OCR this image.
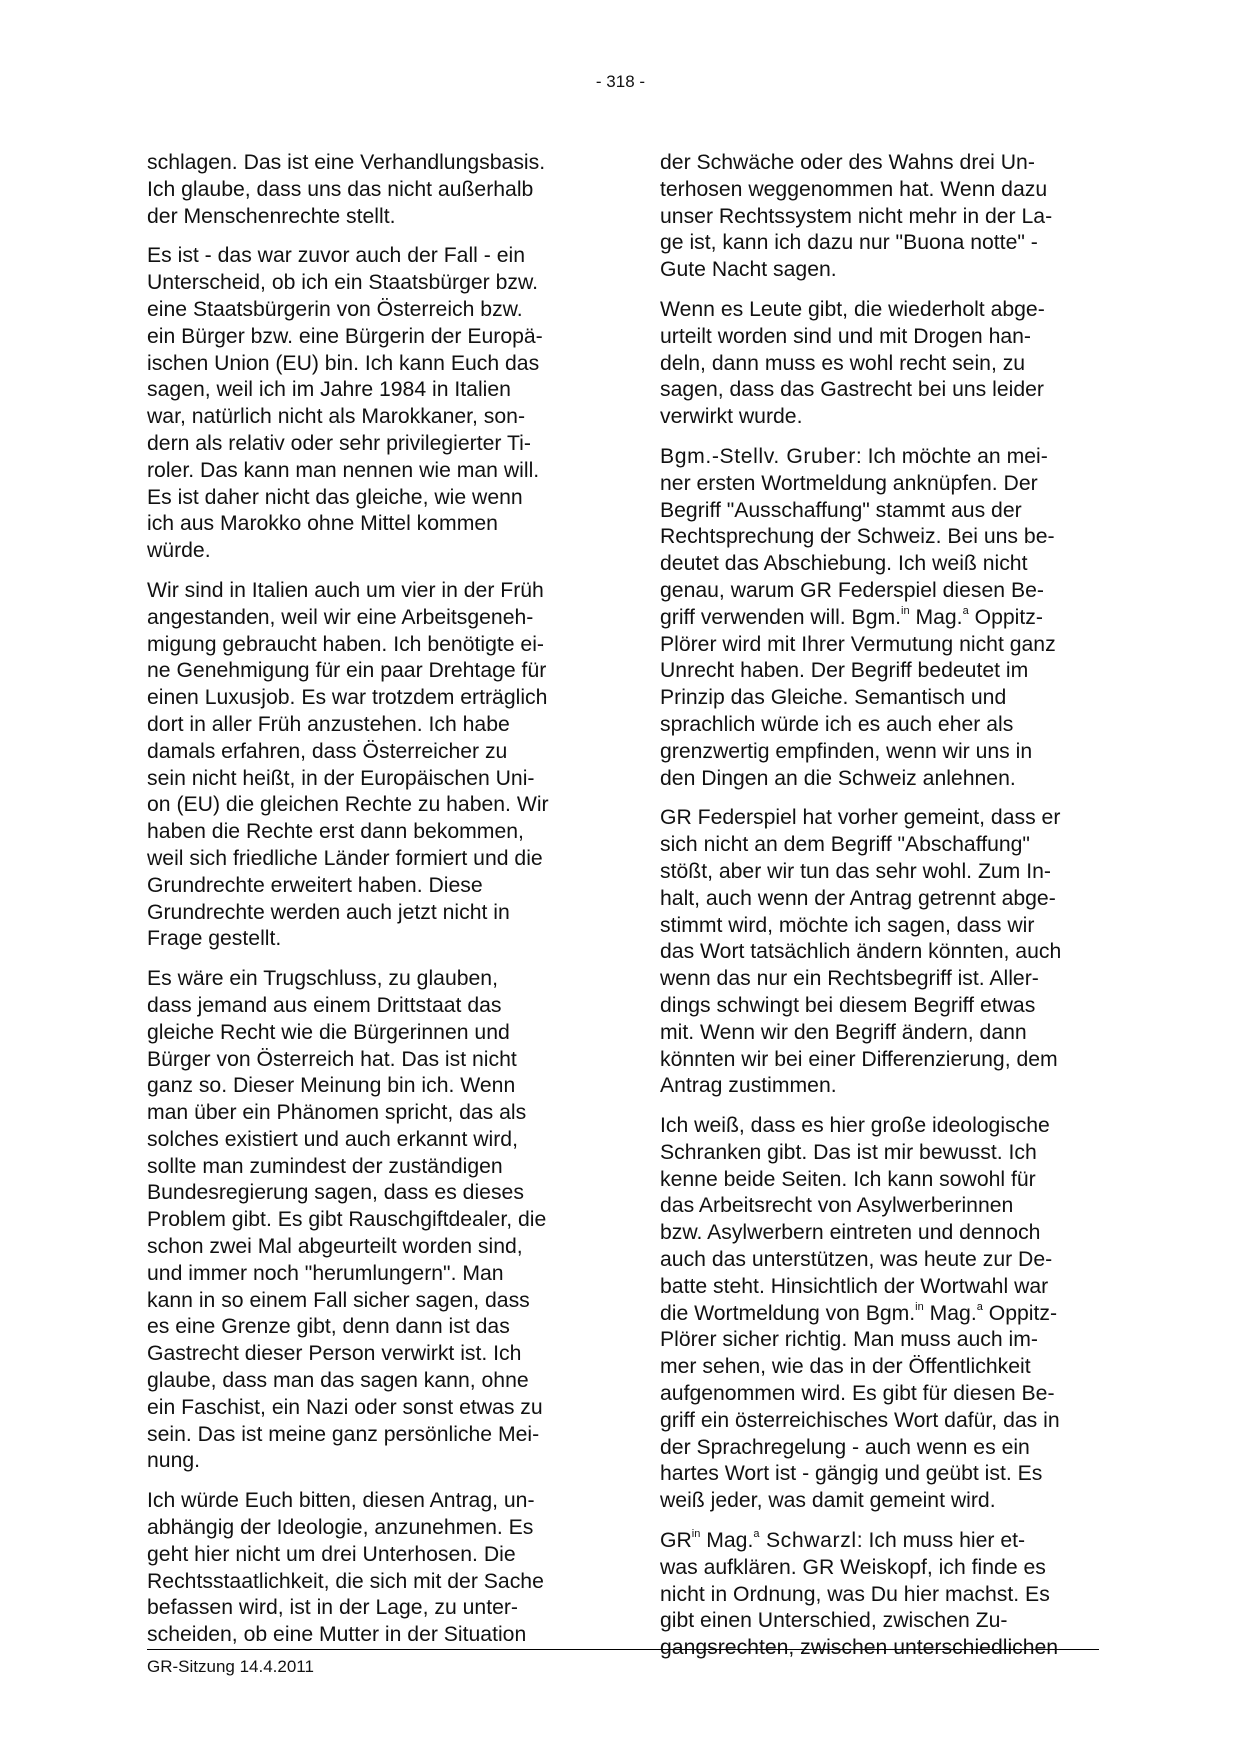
- 318 -

schlagen. Das ist eine Verhandlungsbasis.
Ich glaube, dass uns das nicht außerhalb
der Menschenrechte stellt.

Es ist - das war zuvor auch der Fall - ein
Unterscheid, ob ich ein Staatsbürger bzw.
eine Staatsbürgerin von Österreich bzw.
ein Bürger bzw. eine Bürgerin der Europä-
ischen Union (EU) bin. Ich kann Euch das
sagen, weil ich im Jahre 1984 in Italien
war, natürlich nicht als Marokkaner, son-
dern als relativ oder sehr privilegierter Ti-
roler. Das kann man nennen wie man will.
Es ist daher nicht das gleiche, wie wenn
ich aus Marokko ohne Mittel kommen
würde.

Wir sind in Italien auch um vier in der Früh
angestanden, weil wir eine Arbeitsgeneh-
migung gebraucht haben. Ich benötigte ei-
ne Genehmigung für ein paar Drehtage für
einen Luxusjob. Es war trotzdem erträglich
dort in aller Früh anzustehen. Ich habe
damals erfahren, dass Österreicher zu
sein nicht heißt, in der Europäischen Uni-
on (EU) die gleichen Rechte zu haben. Wir
haben die Rechte erst dann bekommen,
weil sich friedliche Länder formiert und die
Grundrechte erweitert haben. Diese
Grundrechte werden auch jetzt nicht in
Frage gestellt.

Es wäre ein Trugschluss, zu glauben,
dass jemand aus einem Drittstaat das
gleiche Recht wie die Bürgerinnen und
Bürger von Österreich hat. Das ist nicht
ganz so. Dieser Meinung bin ich. Wenn
man über ein Phänomen spricht, das als
solches existiert und auch erkannt wird,
sollte man zumindest der zuständigen
Bundesregierung sagen, dass es dieses
Problem gibt. Es gibt Rauschgiftdealer, die
schon zwei Mal abgeurteilt worden sind,
und immer noch "herumlungern". Man
kann in so einem Fall sicher sagen, dass
es eine Grenze gibt, denn dann ist das
Gastrecht dieser Person verwirkt ist. Ich
glaube, dass man das sagen kann, ohne
ein Faschist, ein Nazi oder sonst etwas zu
sein. Das ist meine ganz persönliche Mei-
nung.

Ich würde Euch bitten, diesen Antrag, un-
abhängig der Ideologie, anzunehmen. Es
geht hier nicht um drei Unterhosen. Die
Rechtsstaatlichkeit, die sich mit der Sache
befassen wird, ist in der Lage, zu unter-
scheiden, ob eine Mutter in der Situation

der Schwäche oder des Wahns drei Un-
terhosen weggenommen hat. Wenn dazu
unser Rechtssystem nicht mehr in der La-
ge ist, kann ich dazu nur "Buona notte" -
Gute Nacht sagen.

Wenn es Leute gibt, die wiederholt abge-
urteilt worden sind und mit Drogen han-
deln, dann muss es wohl recht sein, zu
sagen, dass das Gastrecht bei uns leider
verwirkt wurde.

Bgm.-Stellv. Gruber: Ich möchte an mei-
ner ersten Wortmeldung anknüpfen. Der
Begriff "Ausschaffung" stammt aus der
Rechtsprechung der Schweiz. Bei uns be-
deutet das Abschiebung. Ich weiß nicht
genau, warum GR Federspiel diesen Be-
griff verwenden will. Bgm.$^{in}$ Mag.$^a$ Oppitz-
Plörer wird mit Ihrer Vermutung nicht ganz
Unrecht haben. Der Begriff bedeutet im
Prinzip das Gleiche. Semantisch und
sprachlich würde ich es auch eher als
grenzwertig empfinden, wenn wir uns in
den Dingen an die Schweiz anlehnen.

GR Federspiel hat vorher gemeint, dass er
sich nicht an dem Begriff "Abschaffung"
stößt, aber wir tun das sehr wohl. Zum In-
halt, auch wenn der Antrag getrennt abge-
stimmt wird, möchte ich sagen, dass wir
das Wort tatsächlich ändern könnten, auch
wenn das nur ein Rechtsbegriff ist. Aller-
dings schwingt bei diesem Begriff etwas
mit. Wenn wir den Begriff ändern, dann
könnten wir bei einer Differenzierung, dem
Antrag zustimmen.

Ich weiß, dass es hier große ideologische
Schranken gibt. Das ist mir bewusst. Ich
kenne beide Seiten. Ich kann sowohl für
das Arbeitsrecht von Asylwerberinnen
bzw. Asylwerbern eintreten und dennoch
auch das unterstützen, was heute zur De-
batte steht. Hinsichtlich der Wortwahl war
die Wortmeldung von Bgm.$^{in}$ Mag.$^a$ Oppitz-
Plörer sicher richtig. Man muss auch im-
mer sehen, wie das in der Öffentlichkeit
aufgenommen wird. Es gibt für diesen Be-
griff ein österreichisches Wort dafür, das in
der Sprachregelung - auch wenn es ein
hartes Wort ist - gängig und geübt ist. Es
weiß jeder, was damit gemeint wird.

$GR^{in}$ Mag.$^a$ Schwarzl: Ich muss hier et-
was aufklären. GR Weiskopf, ich finde es
nicht in Ordnung, was Du hier machst. Es
gibt einen Unterschied, zwischen Zu-
gangsrechten, zwischen unterschiedlichen

GR-Sitzung 14.4.2011
